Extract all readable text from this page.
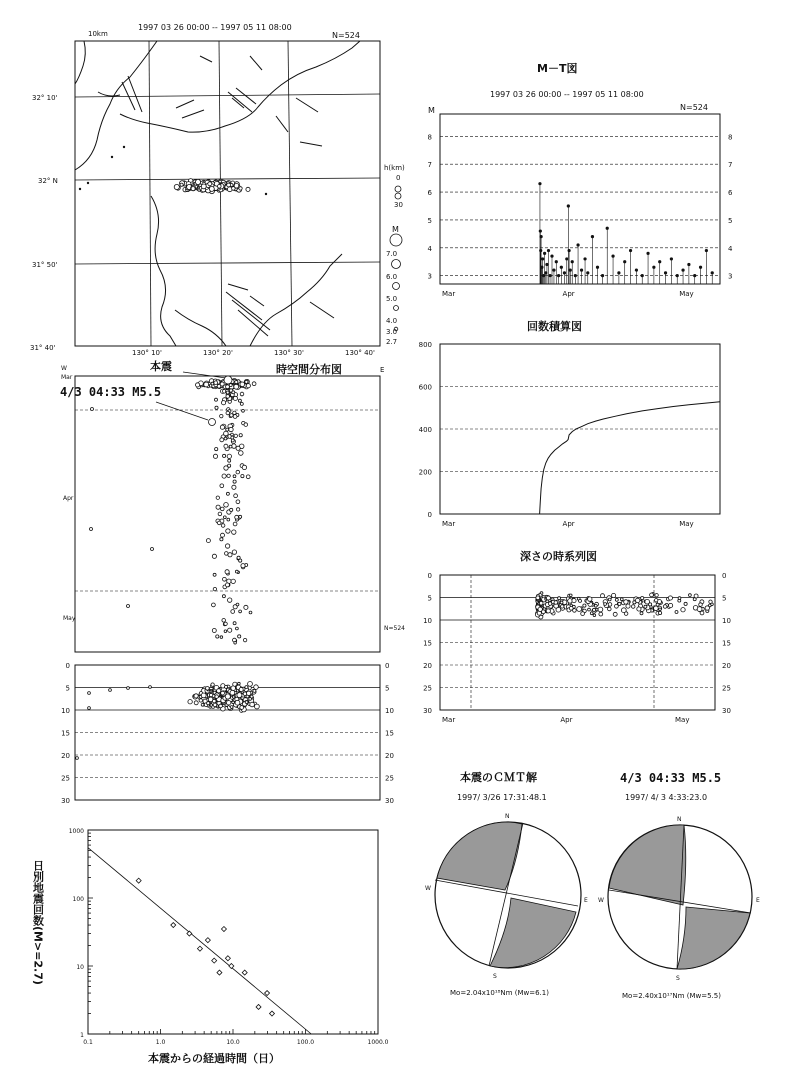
1997 03 26 00:00 -- 1997 05 11 08:00
N=524
10km
32° 10'
32° N
31° 50'
31° 40'
130° 10'	130° 20'	130° 30'	130° 40'
h(km)
0
30
M
7.0
6.0
5.0
4.0
3.0
2.7
本震	時空間分布図
4/3 04:33 M5.5
W
Mar
E
Apr
May
N=524
0
5
10
15
20
25
30
0
5
10
15
20
25
30
1000
100
10
1
0.1	1.0	10.0	100.0	1000.0
本震からの経過時間（日）
日別地震回数(M>=2.7)
M－T図
1997 03 26 00:00 -- 1997 05 11 08:00
N=524
M
8	8
7	7
6	6
5	5
4	4
3	3
Mar	Apr	May
回数積算図
800
600
400
200
0
Mar	Apr	May
深さの時系列図
0
5
10
15
20
25
30
0
5
10
15
20
25
30
Mar	Apr	May
本震のＣＭＴ解
1997/ 3/26 17:31:48.1
4/3 04:33 M5.5
1997/ 4/ 3 4:33:23.0
N
E
S
W
Mo=2.04x10¹⁸Nm (Mw=6.1)
N
E
S
W
Mo=2.40x10¹⁷Nm (Mw=5.5)
